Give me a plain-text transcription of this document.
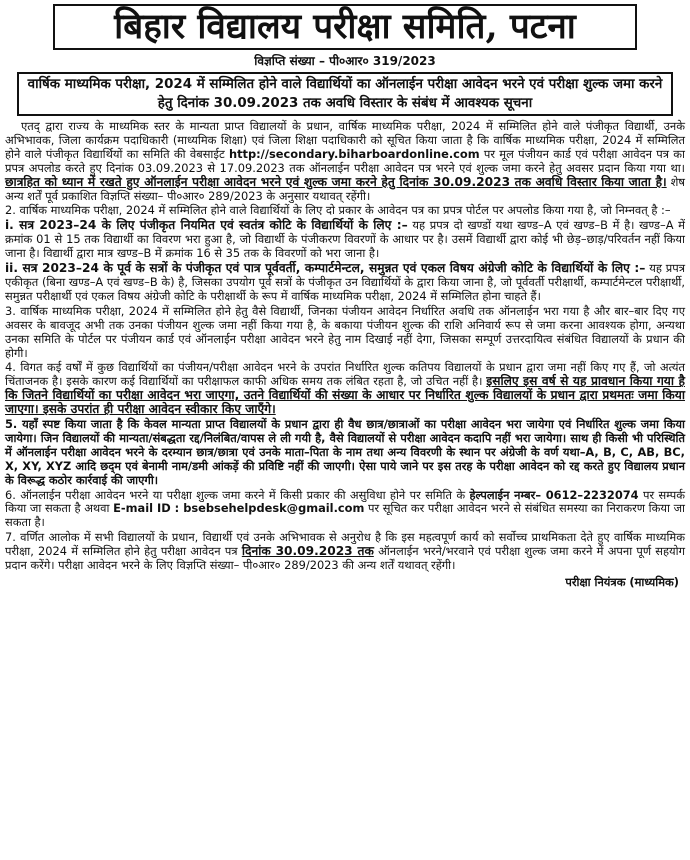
बिहार विद्यालय परीक्षा समिति, पटना
विज्ञप्ति संख्या – पी०आर० 319/2023
वार्षिक माध्यमिक परीक्षा, 2024 में सम्मिलित होने वाले विद्यार्थियों का ऑनलाईन परीक्षा आवेदन भरने एवं परीक्षा शुल्क जमा करने हेतु दिनांक 30.09.2023 तक अवधि विस्तार के संबंध में आवश्यक सूचना

एतद् द्वारा राज्य के माध्यमिक स्तर के मान्यता प्राप्त विद्यालयों के प्रधान, वार्षिक माध्यमिक परीक्षा, 2024 में सम्मिलित होने वाले पंजीकृत विद्यार्थी, उनके अभिभावक, जिला कार्यक्रम पदाधिकारी (माध्यमिक शिक्षा) एवं जिला शिक्षा पदाधिकारी को सूचित किया जाता है कि वार्षिक माध्यमिक परीक्षा, 2024 में सम्मिलित होने वाले पंजीकृत विद्यार्थियों का समिति की वेबसाईट http://secondary.biharboardonline.com पर मूल पंजीयन कार्ड एवं परीक्षा आवेदन पत्र का प्रपत्र अपलोड करते हुए दिनांक 03.09.2023 से 17.09.2023 तक ऑनलाईन परीक्षा आवेदन पत्र भरने एवं शुल्क जमा करने हेतु अवसर प्रदान किया गया था। छात्रहित को ध्यान में रखते हुए ऑनलाईन परीक्षा आवेदन भरने एवं शुल्क जमा करने हेतु दिनांक 30.09.2023 तक अवधि विस्तार किया जाता है। शेष अन्य शर्तें पूर्व प्रकाशित विज्ञप्ति संख्या– पी०आर० 289/2023 के अनुसार यथावत् रहेंगी।

2. वार्षिक माध्यमिक परीक्षा, 2024 में सम्मिलित होने वाले विद्यार्थियों के लिए दो प्रकार के आवेदन पत्र का प्रपत्र पोर्टल पर अपलोड किया गया है, जो निम्नवत् है :–

i. सत्र 2023–24 के लिए पंजीकृत नियमित एवं स्वतंत्र कोटि के विद्यार्थियों के लिए :– यह प्रपत्र दो खण्डों यथा खण्ड–A एवं खण्ड–B में है। खण्ड–A में क्रमांक 01 से 15 तक विद्यार्थी का विवरण भरा हुआ है, जो विद्यार्थी के पंजीकरण विवरणों के आधार पर है। उसमें विद्यार्थी द्वारा कोई भी छेड़–छाड़/परिवर्तन नहीं किया जाना है। विद्यार्थी द्वारा मात्र खण्ड–B में क्रमांक 16 से 35 तक के विवरणों को भरा जाना है।

ii. सत्र 2023–24 के पूर्व के सत्रों के पंजीकृत एवं पात्र पूर्ववर्ती, कम्पार्टमेन्टल, समुन्नत एवं एकल विषय अंग्रेजी कोटि के विद्यार्थियों के लिए :– यह प्रपत्र एकीकृत (बिना खण्ड–A एवं खण्ड–B के) है, जिसका उपयोग पूर्व सत्रों के पंजीकृत उन विद्यार्थियों के द्वारा किया जाना है, जो पूर्ववर्ती परीक्षार्थी, कम्पार्टमेन्टल परीक्षार्थी, समुन्नत परीक्षार्थी एवं एकल विषय अंग्रेजी कोटि के परीक्षार्थी के रूप में वार्षिक माध्यमिक परीक्षा, 2024 में सम्मिलित होना चाहते हैं।

3. वार्षिक माध्यमिक परीक्षा, 2024 में सम्मिलित होने हेतु वैसे विद्यार्थी, जिनका पंजीयन आवेदन निर्धारित अवधि तक ऑनलाईन भरा गया है और बार–बार दिए गए अवसर के बावजूद अभी तक उनका पंजीयन शुल्क जमा नहीं किया गया है, के बकाया पंजीयन शुल्क की राशि अनिवार्य रूप से जमा करना आवश्यक होगा, अन्यथा उनका समिति के पोर्टल पर पंजीयन कार्ड एवं ऑनलाईन परीक्षा आवेदन भरने हेतु नाम दिखाई नहीं देगा, जिसका सम्पूर्ण उत्तरदायित्व संबंधित विद्यालयों के प्रधान की होगी।

4. विगत कई वर्षों में कुछ विद्यार्थियों का पंजीयन/परीक्षा आवेदन भरने के उपरांत निर्धारित शुल्क कतिपय विद्यालयों के प्रधान द्वारा जमा नहीं किए गए हैं, जो अत्यंत चिंताजनक है। इसके कारण कई विद्यार्थियों का परीक्षाफल काफी अधिक समय तक लंबित रहता है, जो उचित नहीं है। इसलिए इस वर्ष से यह प्रावधान किया गया है कि जितने विद्यार्थियों का परीक्षा आवेदन भरा जाएगा, उतने विद्यार्थियों की संख्या के आधार पर निर्धारित शुल्क विद्यालयों के प्रधान द्वारा प्रथमतः जमा किया जाएगा। इसके उपरांत ही परीक्षा आवेदन स्वीकार किए जाएँगे।

5. यहाँ स्पष्ट किया जाता है कि केवल मान्यता प्राप्त विद्यालयों के प्रधान द्वारा ही वैध छात्र/छात्राओं का परीक्षा आवेदन भरा जायेगा एवं निर्धारित शुल्क जमा किया जायेगा। जिन विद्यालयों की मान्यता/संबद्धता रद्द/निलंबित/वापस ले ली गयी है, वैसे विद्यालयों से परीक्षा आवेदन कदापि नहीं भरा जायेगा। साथ ही किसी भी परिस्थिति में ऑनलाईन परीक्षा आवेदन भरने के दरम्यान छात्र/छात्रा एवं उनके माता–पिता के नाम तथा अन्य विवरणी के स्थान पर अंग्रेजी के वर्ण यथा–A, B, C, AB, BC, X, XY, XYZ आदि छद्‌म एवं बेनामी नाम/डमी आंकड़ें की प्रविष्टि नहीं की जाएगी। ऐसा पाये जाने पर इस तरह के परीक्षा आवेदन को रद्द करते हुए विद्यालय प्रधान के विरूद्ध कठोर कार्रवाई की जाएगी।

6. ऑनलाईन परीक्षा आवेदन भरने या परीक्षा शुल्क जमा करने में किसी प्रकार की असुविधा होने पर समिति के हेल्पलाईन नम्बर– 0612–2232074 पर सम्पर्क किया जा सकता है अथवा E-mail ID : bsebsehelpdesk@gmail.com पर सूचित कर परीक्षा आवेदन भरने से संबंधित समस्या का निराकरण किया जा सकता है।

7. वर्णित आलोक में सभी विद्यालयों के प्रधान, विद्यार्थी एवं उनके अभिभावक से अनुरोध है कि इस महत्वपूर्ण कार्य को सर्वोच्च प्राथमिकता देते हुए वार्षिक माध्यमिक परीक्षा, 2024 में सम्मिलित होने हेतु परीक्षा आवेदन पत्र दिनांक 30.09.2023 तक ऑनलाईन भरने/भरवाने एवं परीक्षा शुल्क जमा करने में अपना पूर्ण सहयोग प्रदान करेंगे। परीक्षा आवेदन भरने के लिए विज्ञप्ति संख्या– पी०आर० 289/2023 की अन्य शर्तें यथावत् रहेंगी।

परीक्षा नियंत्रक (माध्यमिक)
